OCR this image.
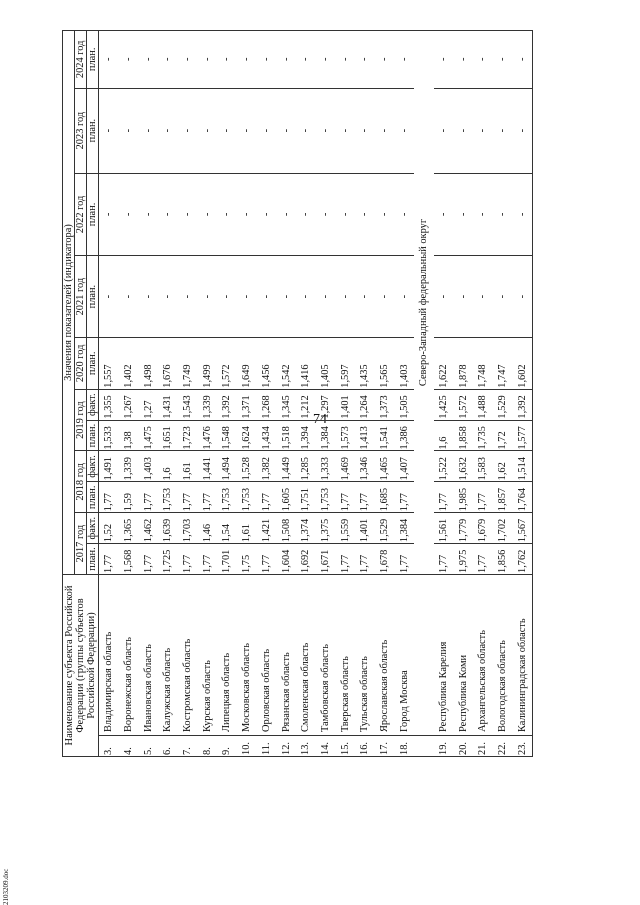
74
2103209.doc
Наименование субъекта Российской Федерации (группы субъектов Российской Федерации)		Значения показателей (индикатора)										
		2017 год		2018 год		2019 год		2020 год	2021 год	2022 год	2023 год	2024 год
		план.	факт.	план.	факт.	план.	факт.	план.	план.	план.	план.	план.
3.	Владимирская область	1,77	1,52	1,77	1,491	1,533	1,355	1,557	-	-	-	-
4.	Воронежская область	1,568	1,365	1,59	1,339	1,38	1,267	1,402	-	-	-	-
5.	Ивановская область	1,77	1,462	1,77	1,403	1,475	1,27	1,498	-	-	-	-
6.	Калужская область	1,725	1,639	1,753	1,6	1,651	1,431	1,676	-	-	-	-
7.	Костромская область	1,77	1,703	1,77	1,61	1,723	1,543	1,749	-	-	-	-
8.	Курская область	1,77	1,46	1,77	1,441	1,476	1,339	1,499	-	-	-	-
9.	Липецкая область	1,701	1,54	1,753	1,494	1,548	1,392	1,572	-	-	-	-
10.	Московская область	1,75	1,61	1,753	1,528	1,624	1,371	1,649	-	-	-	-
11.	Орловская область	1,77	1,421	1,77	1,382	1,434	1,268	1,456	-	-	-	-
12.	Рязанская область	1,604	1,508	1,605	1,449	1,518	1,345	1,542	-	-	-	-
13.	Смоленская область	1,692	1,374	1,751	1,285	1,394	1,212	1,416	-	-	-	-
14.	Тамбовская область	1,671	1,375	1,753	1,333	1,384	1,297	1,405	-	-	-	-
15.	Тверская область	1,77	1,559	1,77	1,469	1,573	1,401	1,597	-	-	-	-
16.	Тульская область	1,77	1,401	1,77	1,346	1,413	1,264	1,435	-	-	-	-
17.	Ярославская область	1,678	1,529	1,685	1,465	1,541	1,373	1,565	-	-	-	-
18.	Город Москва	1,77	1,384	1,77	1,407	1,386	1,505	1,403	-	-	-	-
		Северо-Западный федеральный округ										
19.	Республика Карелия	1,77	1,561	1,77	1,522	1,6	1,425	1,622	-	-	-	-
20.	Республика Коми	1,975	1,779	1,985	1,632	1,858	1,572	1,878	-	-	-	-
21.	Архангельская область	1,77	1,679	1,77	1,583	1,735	1,488	1,748	-	-	-	-
22.	Вологодская область	1,856	1,702	1,857	1,62	1,72	1,529	1,747	-	-	-	-
23.	Калининградская область	1,762	1,567	1,764	1,514	1,577	1,392	1,602	-	-	-	-
